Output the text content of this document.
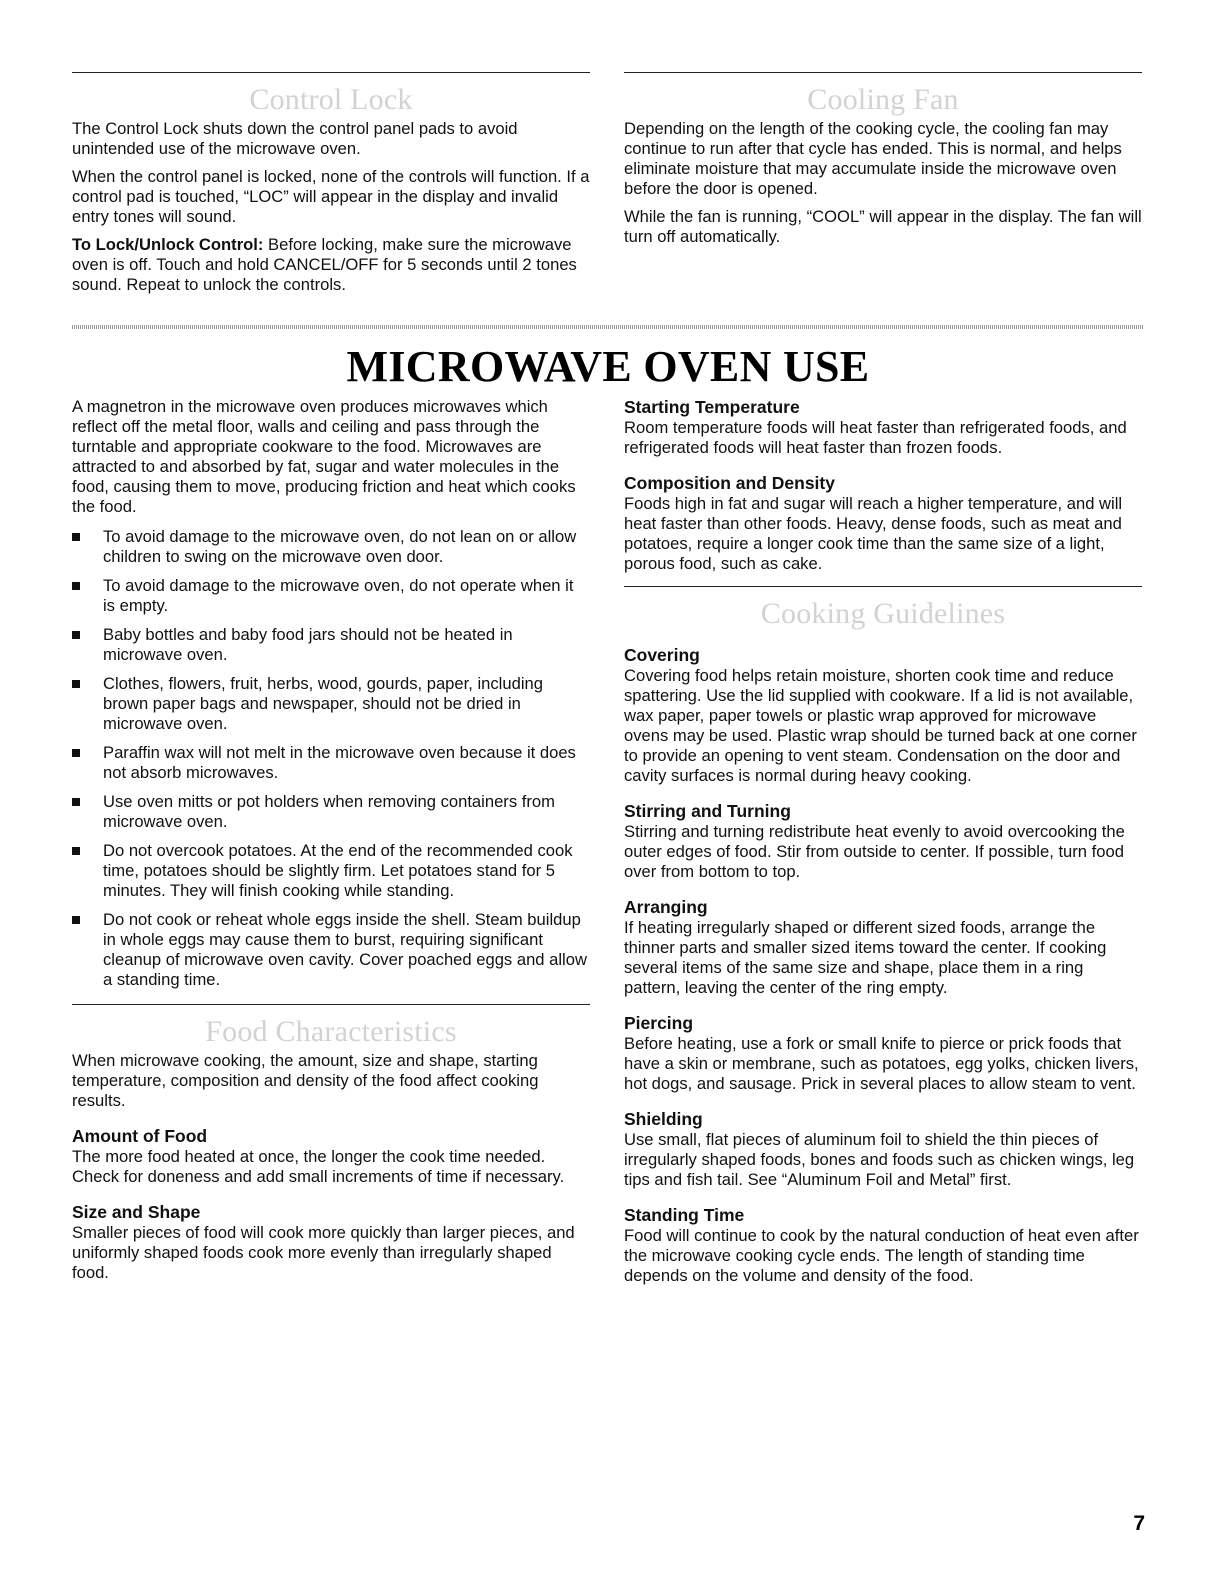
Control Lock

The Control Lock shuts down the control panel pads to avoid unintended use of the microwave oven.

When the control panel is locked, none of the controls will function. If a control pad is touched, “LOC” will appear in the display and invalid entry tones will sound.

To Lock/Unlock Control: Before locking, make sure the microwave oven is off. Touch and hold CANCEL/OFF for 5 seconds until 2 tones sound. Repeat to unlock the controls.

Cooling Fan

Depending on the length of the cooking cycle, the cooling fan may continue to run after that cycle has ended. This is normal, and helps eliminate moisture that may accumulate inside the microwave oven before the door is opened.

While the fan is running, “COOL” will appear in the display. The fan will turn off automatically.

MICROWAVE OVEN USE

A magnetron in the microwave oven produces microwaves which reflect off the metal floor, walls and ceiling and pass through the turntable and appropriate cookware to the food. Microwaves are attracted to and absorbed by fat, sugar and water molecules in the food, causing them to move, producing friction and heat which cooks the food.

To avoid damage to the microwave oven, do not lean on or allow children to swing on the microwave oven door.
To avoid damage to the microwave oven, do not operate when it is empty.
Baby bottles and baby food jars should not be heated in microwave oven.
Clothes, flowers, fruit, herbs, wood, gourds, paper, including brown paper bags and newspaper, should not be dried in microwave oven.
Paraffin wax will not melt in the microwave oven because it does not absorb microwaves.
Use oven mitts or pot holders when removing containers from microwave oven.
Do not overcook potatoes. At the end of the recommended cook time, potatoes should be slightly firm. Let potatoes stand for 5 minutes. They will finish cooking while standing.
Do not cook or reheat whole eggs inside the shell. Steam buildup in whole eggs may cause them to burst, requiring significant cleanup of microwave oven cavity. Cover poached eggs and allow a standing time.
Food Characteristics

When microwave cooking, the amount, size and shape, starting temperature, composition and density of the food affect cooking results.

Amount of Food

The more food heated at once, the longer the cook time needed. Check for doneness and add small increments of time if necessary.

Size and Shape

Smaller pieces of food will cook more quickly than larger pieces, and uniformly shaped foods cook more evenly than irregularly shaped food.

Starting Temperature

Room temperature foods will heat faster than refrigerated foods, and refrigerated foods will heat faster than frozen foods.

Composition and Density

Foods high in fat and sugar will reach a higher temperature, and will heat faster than other foods. Heavy, dense foods, such as meat and potatoes, require a longer cook time than the same size of a light, porous food, such as cake.

Cooking Guidelines
Covering

Covering food helps retain moisture, shorten cook time and reduce spattering. Use the lid supplied with cookware. If a lid is not available, wax paper, paper towels or plastic wrap approved for microwave ovens may be used. Plastic wrap should be turned back at one corner to provide an opening to vent steam. Condensation on the door and cavity surfaces is normal during heavy cooking.

Stirring and Turning

Stirring and turning redistribute heat evenly to avoid overcooking the outer edges of food. Stir from outside to center. If possible, turn food over from bottom to top.

Arranging

If heating irregularly shaped or different sized foods, arrange the thinner parts and smaller sized items toward the center. If cooking several items of the same size and shape, place them in a ring pattern, leaving the center of the ring empty.

Piercing

Before heating, use a fork or small knife to pierce or prick foods that have a skin or membrane, such as potatoes, egg yolks, chicken livers, hot dogs, and sausage. Prick in several places to allow steam to vent.

Shielding

Use small, flat pieces of aluminum foil to shield the thin pieces of irregularly shaped foods, bones and foods such as chicken wings, leg tips and fish tail. See “Aluminum Foil and Metal” first.

Standing Time

Food will continue to cook by the natural conduction of heat even after the microwave cooking cycle ends. The length of standing time depends on the volume and density of the food.

7
